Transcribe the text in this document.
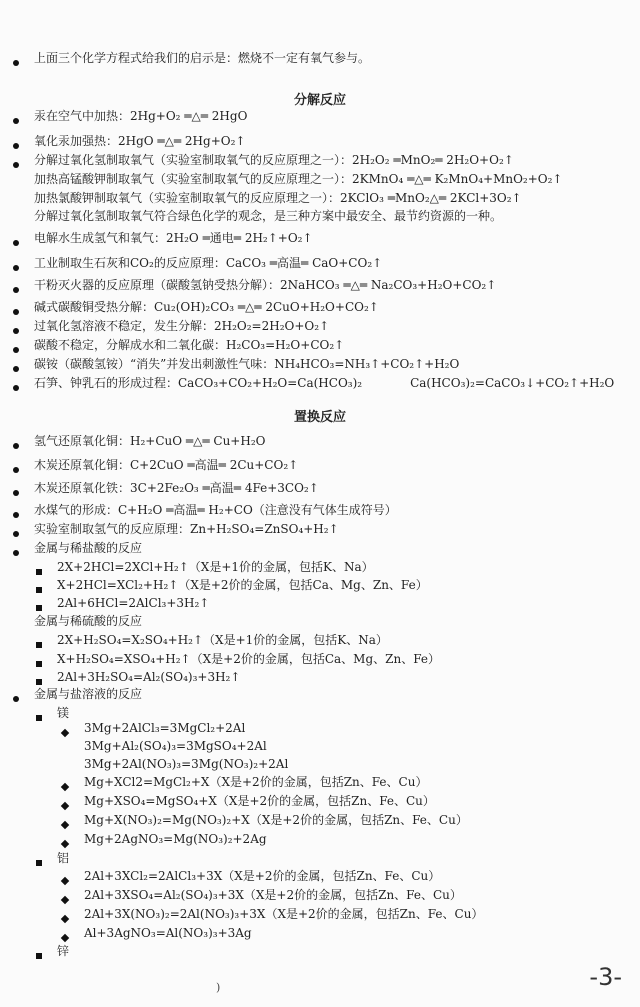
上面三个化学方程式给我们的启示是：燃烧不一定有氧气参与。
分解反应
汞在空气中加热：2Hg+O₂ ═△═ 2HgO
氧化汞加强热：2HgO ═△═ 2Hg+O₂↑
分解过氧化氢制取氧气（实验室制取氧气的反应原理之一）：2H₂O₂ ═MnO₂═ 2H₂O+O₂↑
加热高锰酸钾制取氧气（实验室制取氧气的反应原理之一）：2KMnO₄ ═△═ K₂MnO₄+MnO₂+O₂↑
加热氯酸钾制取氧气（实验室制取氧气的反应原理之一）：2KClO₃ ═MnO₂△═ 2KCl+3O₂↑
分解过氧化氢制取氧气符合绿色化学的观念，是三种方案中最安全、最节约资源的一种。
电解水生成氢气和氧气：2H₂O ═通电═ 2H₂↑+O₂↑
工业制取生石灰和CO₂的反应原理：CaCO₃ ═高温═ CaO+CO₂↑
干粉灭火器的反应原理（碳酸氢钠受热分解）：2NaHCO₃ ═△═ Na₂CO₃+H₂O+CO₂↑
碱式碳酸铜受热分解：Cu₂(OH)₂CO₃ ═△═ 2CuO+H₂O+CO₂↑
过氧化氢溶液不稳定，发生分解：2H₂O₂=2H₂O+O₂↑
碳酸不稳定，分解成水和二氧化碳：H₂CO₃=H₂O+CO₂↑
碳铵（碳酸氢铵）“消失”并发出刺激性气味：NH₄HCO₃=NH₃↑+CO₂↑+H₂O
石笋、钟乳石的形成过程：CaCO₃+CO₂+H₂O=Ca(HCO₃)₂　　　　Ca(HCO₃)₂=CaCO₃↓+CO₂↑+H₂O
置换反应
氢气还原氧化铜：H₂+CuO ═△═ Cu+H₂O
木炭还原氧化铜：C+2CuO ═高温═ 2Cu+CO₂↑
木炭还原氧化铁：3C+2Fe₂O₃ ═高温═ 4Fe+3CO₂↑
水煤气的形成：C+H₂O ═高温═ H₂+CO（注意没有气体生成符号）
实验室制取氢气的反应原理：Zn+H₂SO₄=ZnSO₄+H₂↑
金属与稀盐酸的反应
2X+2HCl=2XCl+H₂↑（X是+1价的金属，包括K、Na）
X+2HCl=XCl₂+H₂↑（X是+2价的金属，包括Ca、Mg、Zn、Fe）
2Al+6HCl=2AlCl₃+3H₂↑
金属与稀硫酸的反应
2X+H₂SO₄=X₂SO₄+H₂↑（X是+1价的金属，包括K、Na）
X+H₂SO₄=XSO₄+H₂↑（X是+2价的金属，包括Ca、Mg、Zn、Fe）
2Al+3H₂SO₄=Al₂(SO₄)₃+3H₂↑
金属与盐溶液的反应
镁
3Mg+2AlCl₃=3MgCl₂+2Al
3Mg+Al₂(SO₄)₃=3MgSO₄+2Al
3Mg+2Al(NO₃)₃=3Mg(NO₃)₂+2Al
Mg+XCl2=MgCl₂+X（X是+2价的金属，包括Zn、Fe、Cu）
Mg+XSO₄=MgSO₄+X（X是+2价的金属，包括Zn、Fe、Cu）
Mg+X(NO₃)₂=Mg(NO₃)₂+X（X是+2价的金属，包括Zn、Fe、Cu）
Mg+2AgNO₃=Mg(NO₃)₂+2Ag
铝
2Al+3XCl₂=2AlCl₃+3X（X是+2价的金属，包括Zn、Fe、Cu）
2Al+3XSO₄=Al₂(SO₄)₃+3X（X是+2价的金属，包括Zn、Fe、Cu）
2Al+3X(NO₃)₂=2Al(NO₃)₃+3X（X是+2价的金属，包括Zn、Fe、Cu）
Al+3AgNO₃=Al(NO₃)₃+3Ag
锌
)	-3-
